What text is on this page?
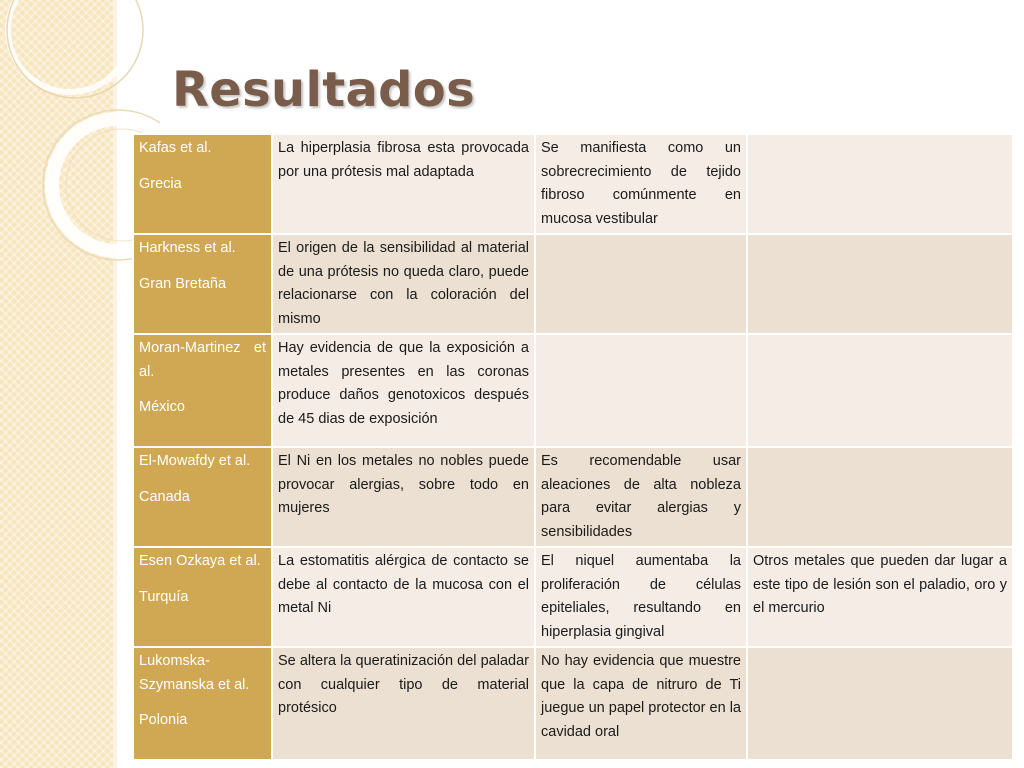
Resultados
Kafas et al.
Grecia	La hiperplasia fibrosa esta provocada por una prótesis mal adaptada	Se manifiesta como un sobrecrecimiento de tejido fibroso comúnmente en mucosa vestibular	

Harkness et al.
Gran Bretaña	El origen de la sensibilidad al material de una prótesis no queda claro, puede relacionarse con la coloración del mismo		

Moran-Martinez et al.
México	Hay evidencia de que la exposición a metales presentes en las coronas produce daños genotoxicos después de 45 dias de exposición		

El-Mowafdy et al.
Canada	El Ni en los metales no nobles puede provocar alergias, sobre todo en mujeres	Es recomendable usar aleaciones de alta nobleza para evitar alergias y sensibilidades	

Esen Ozkaya et al.
Turquía	La estomatitis alérgica de contacto se debe al contacto de la mucosa con el metal Ni	El niquel aumentaba la proliferación de células epiteliales, resultando en hiperplasia gingival	Otros metales que pueden dar lugar a este tipo de lesión son el paladio, oro y el mercurio

Lukomska-Szymanska et al.
Polonia	Se altera la queratinización del paladar con cualquier tipo de material protésico	No hay evidencia que muestre que la capa de nitruro de Ti juegue un papel protector en la cavidad oral	
